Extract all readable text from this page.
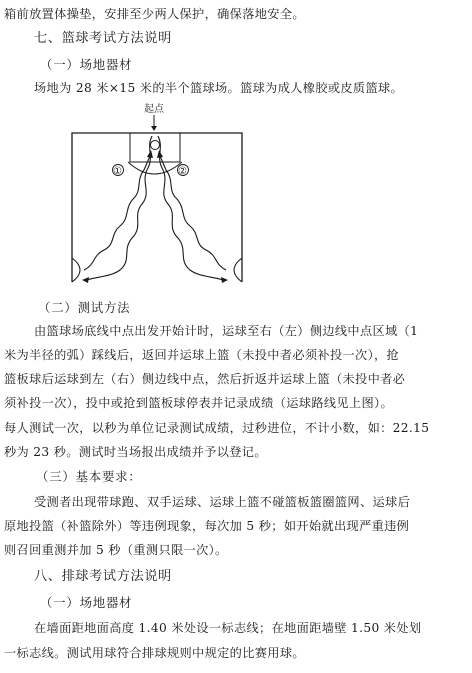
箱前放置体操垫，安排至少两人保护，确保落地安全。
七、篮球考试方法说明
（一）场地器材
场地为 28 米×15 米的半个篮球场。篮球为成人橡胶或皮质篮球。
起点
①	②
（二）测试方法
由篮球场底线中点出发开始计时，运球至右（左）侧边线中点区域（1
米为半径的弧）踩线后，返回并运球上篮（未投中者必须补投一次），抢
篮板球后运球到左（右）侧边线中点，然后折返并运球上篮（未投中者必
须补投一次），投中或抢到篮板球停表并记录成绩（运球路线见上图）。
每人测试一次，以秒为单位记录测试成绩，过秒进位，不计小数，如：22.15
秒为 23 秒。测试时当场报出成绩并予以登记。
（三）基本要求：
受测者出现带球跑、双手运球、运球上篮不碰篮板篮圈篮网、运球后
原地投篮（补篮除外）等违例现象，每次加 5 秒；如开始就出现严重违例
则召回重测并加 5 秒（重测只限一次）。
八、排球考试方法说明
（一）场地器材
在墙面距地面高度 1.40 米处设一标志线；在地面距墙壁 1.50 米处划
一标志线。测试用球符合排球规则中规定的比赛用球。
